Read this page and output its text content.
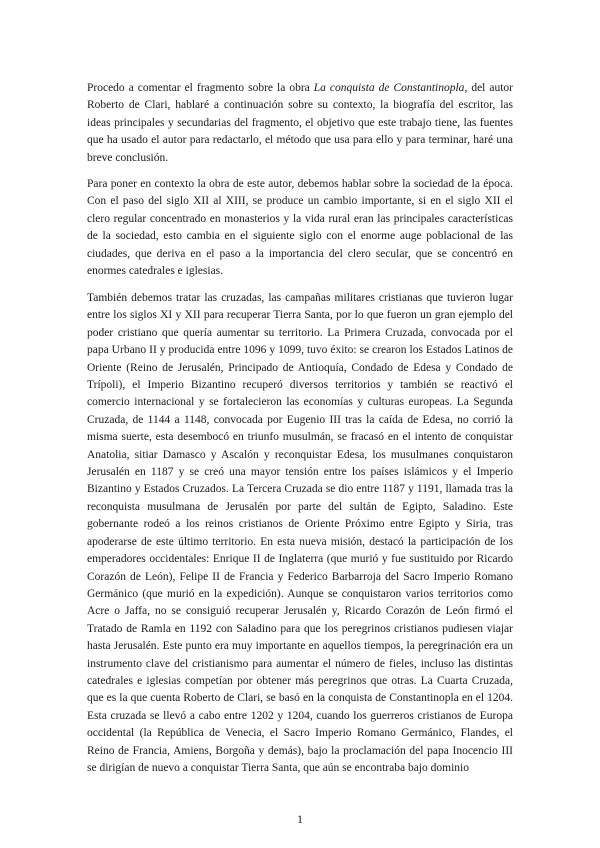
Procedo a comentar el fragmento sobre la obra La conquista de Constantinopla, del autor Roberto de Clari, hablaré a continuación sobre su contexto, la biografía del escritor, las ideas principales y secundarias del fragmento, el objetivo que este trabajo tiene, las fuentes que ha usado el autor para redactarlo, el método que usa para ello y para terminar, haré una breve conclusión.

Para poner en contexto la obra de este autor, debemos hablar sobre la sociedad de la época. Con el paso del siglo XII al XIII, se produce un cambio importante, si en el siglo XII el clero regular concentrado en monasterios y la vida rural eran las principales características de la sociedad, esto cambia en el siguiente siglo con el enorme auge poblacional de las ciudades, que deriva en el paso a la importancia del clero secular, que se concentró en enormes catedrales e iglesias.

También debemos tratar las cruzadas, las campañas militares cristianas que tuvieron lugar entre los siglos XI y XII para recuperar Tierra Santa, por lo que fueron un gran ejemplo del poder cristiano que quería aumentar su territorio. La Primera Cruzada, convocada por el papa Urbano II y producida entre 1096 y 1099, tuvo éxito: se crearon los Estados Latinos de Oriente (Reino de Jerusalén, Principado de Antioquía, Condado de Edesa y Condado de Trípoli), el Imperio Bizantino recuperó diversos territorios y también se reactivó el comercio internacional y se fortalecieron las economías y culturas europeas. La Segunda Cruzada, de 1144 a 1148, convocada por Eugenio III tras la caída de Edesa, no corrió la misma suerte, esta desembocó en triunfo musulmán, se fracasó en el intento de conquistar Anatolia, sitiar Damasco y Ascalón y reconquistar Edesa, los musulmanes conquistaron Jerusalén en 1187 y se creó una mayor tensión entre los países islámicos y el Imperio Bizantino y Estados Cruzados. La Tercera Cruzada se dio entre 1187 y 1191, llamada tras la reconquista musulmana de Jerusalén por parte del sultán de Egipto, Saladino. Este gobernante rodeó a los reinos cristianos de Oriente Próximo entre Egipto y Siria, tras apoderarse de este último territorio. En esta nueva misión, destacó la participación de los emperadores occidentales: Enrique II de Inglaterra (que murió y fue sustituido por Ricardo Corazón de León), Felipe II de Francia y Federico Barbarroja del Sacro Imperio Romano Germánico (que murió en la expedición). Aunque se conquistaron varios territorios como Acre o Jaffa, no se consiguió recuperar Jerusalén y, Ricardo Corazón de León firmó el Tratado de Ramla en 1192 con Saladino para que los peregrinos cristianos pudiesen viajar hasta Jerusalén. Este punto era muy importante en aquellos tiempos, la peregrinación era un instrumento clave del cristianismo para aumentar el número de fieles, incluso las distintas catedrales e iglesias competían por obtener más peregrinos que otras. La Cuarta Cruzada, que es la que cuenta Roberto de Clari, se basó en la conquista de Constantinopla en el 1204. Esta cruzada se llevó a cabo entre 1202 y 1204, cuando los guerreros cristianos de Europa occidental (la República de Venecia, el Sacro Imperio Romano Germánico, Flandes, el Reino de Francia, Amiens, Borgoña y demás), bajo la proclamación del papa Inocencio III se dirigían de nuevo a conquistar Tierra Santa, que aún se encontraba bajo dominio

1
